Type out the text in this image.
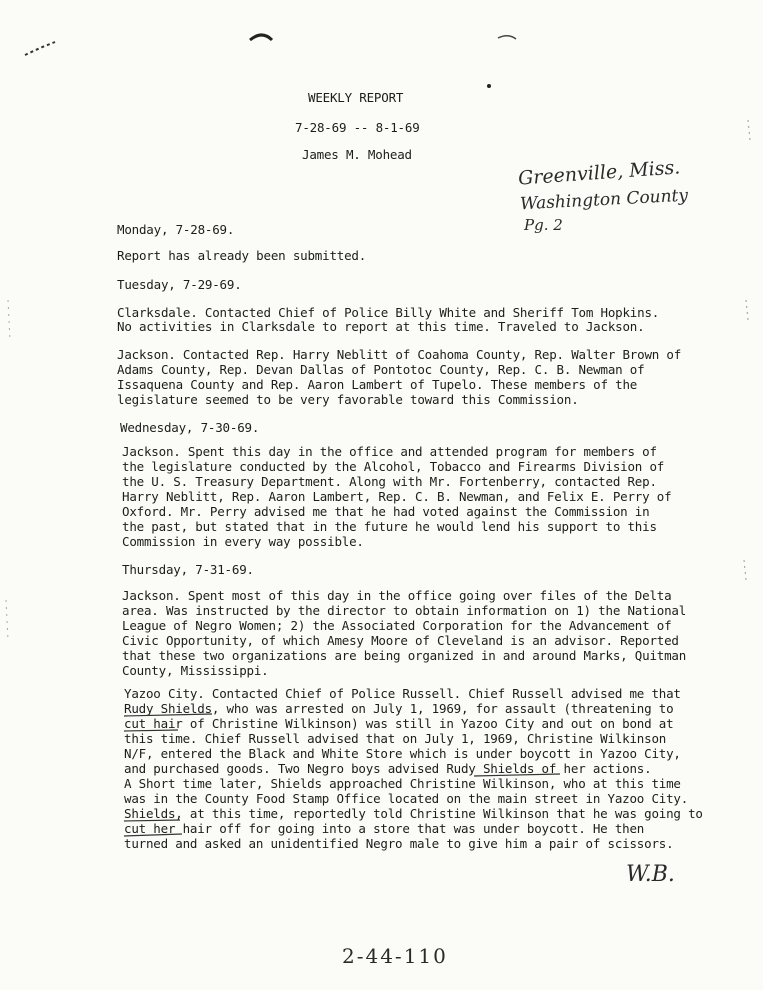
WEEKLY REPORT
7-28-69 -- 8-1-69
James M. Mohead
Greenville, Miss.
Washington County
Pg. 2
Monday, 7-28-69.
Report has already been submitted.
Tuesday, 7-29-69.
Clarksdale. Contacted Chief of Police Billy White and Sheriff Tom Hopkins.
No activities in Clarksdale to report at this time. Traveled to Jackson.
Jackson. Contacted Rep. Harry Neblitt of Coahoma County, Rep. Walter Brown of
Adams County, Rep. Devan Dallas of Pontotoc County, Rep. C. B. Newman of
Issaquena County and Rep. Aaron Lambert of Tupelo. These members of the
legislature seemed to be very favorable toward this Commission.
Wednesday, 7-30-69.
Jackson. Spent this day in the office and attended program for members of
the legislature conducted by the Alcohol, Tobacco and Firearms Division of
the U. S. Treasury Department. Along with Mr. Fortenberry, contacted Rep.
Harry Neblitt, Rep. Aaron Lambert, Rep. C. B. Newman, and Felix E. Perry of
Oxford. Mr. Perry advised me that he had voted against the Commission in
the past, but stated that in the future he would lend his support to this
Commission in every way possible.
Thursday, 7-31-69.
Jackson. Spent most of this day in the office going over files of the Delta
area. Was instructed by the director to obtain information on 1) the National
League of Negro Women; 2) the Associated Corporation for the Advancement of
Civic Opportunity, of which Amesy Moore of Cleveland is an advisor. Reported
that these two organizations are being organized in and around Marks, Quitman
County, Mississippi.
Yazoo City. Contacted Chief of Police Russell. Chief Russell advised me that
Rudy Shields, who was arrested on July 1, 1969, for assault (threatening to
cut hair of Christine Wilkinson) was still in Yazoo City and out on bond at
this time. Chief Russell advised that on July 1, 1969, Christine Wilkinson
N/F, entered the Black and White Store which is under boycott in Yazoo City,
and purchased goods. Two Negro boys advised Rudy Shields of her actions.
A Short time later, Shields approached Christine Wilkinson, who at this time
was in the County Food Stamp Office located on the main street in Yazoo City.
Shields, at this time, reportedly told Christine Wilkinson that he was going to
cut her hair off for going into a store that was under boycott. He then
turned and asked an unidentified Negro male to give him a pair of scissors.
W.B.
2-44-110
